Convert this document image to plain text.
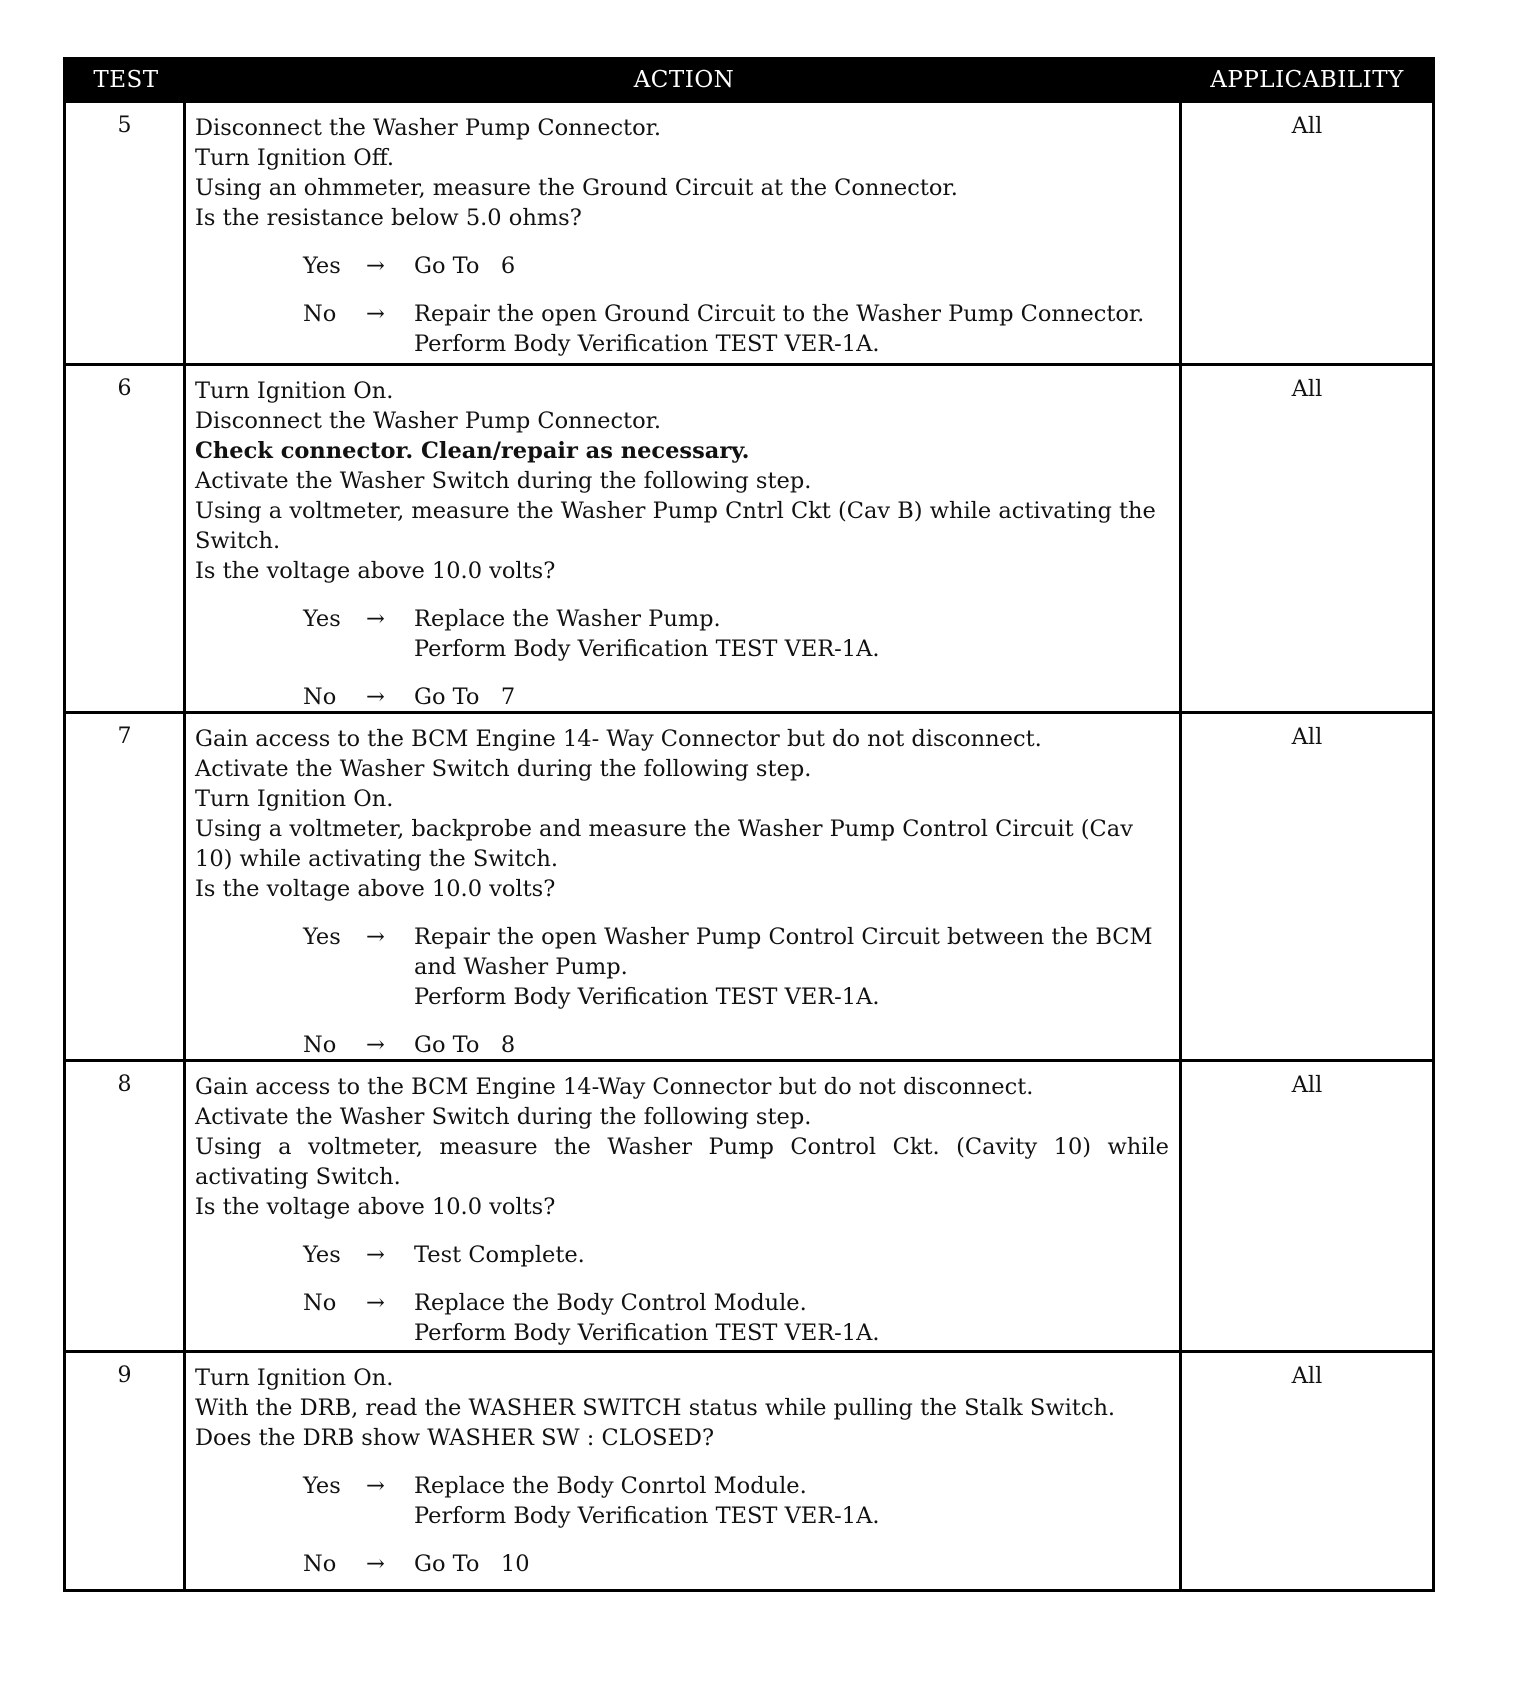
TEST	ACTION	APPLICABILITY
5	Disconnect the Washer Pump Connector.

Turn Ignition Off.

Using an ohmmeter, measure the Ground Circuit at the Connector.

Is the resistance below 5.0 ohms?

Yes	→	Go To   6
No	→	Repair the open Ground Circuit to the Washer Pump Connector.
Perform Body Verification TEST VER-1A.
All
6	Turn Ignition On.

Disconnect the Washer Pump Connector.

Check connector. Clean/repair as necessary.

Activate the Washer Switch during the following step.

Using a voltmeter, measure the Washer Pump Cntrl Ckt (Cav B) while activating the Switch.

Is the voltage above 10.0 volts?

Yes	→	Replace the Washer Pump.
Perform Body Verification TEST VER-1A.
No	→	Go To   7
All
7	Gain access to the BCM Engine 14- Way Connector but do not disconnect.

Activate the Washer Switch during the following step.

Turn Ignition On.

Using a voltmeter, backprobe and measure the Washer Pump Control Circuit (Cav 10) while activating the Switch.

Is the voltage above 10.0 volts?

Yes	→	Repair the open Washer Pump Control Circuit between the BCM and Washer Pump.
Perform Body Verification TEST VER-1A.
No	→	Go To   8
All
8	Gain access to the BCM Engine 14-Way Connector but do not disconnect.

Activate the Washer Switch during the following step.

Using a voltmeter, measure the Washer Pump Control Ckt. (Cavity 10) while activating Switch.

Is the voltage above 10.0 volts?

Yes	→	Test Complete.
No	→	Replace the Body Control Module.
Perform Body Verification TEST VER-1A.
All
9	Turn Ignition On.

With the DRB, read the WASHER SWITCH status while pulling the Stalk Switch.

Does the DRB show WASHER SW : CLOSED?

Yes	→	Replace the Body Conrtol Module.
Perform Body Verification TEST VER-1A.
No	→	Go To   10
All
